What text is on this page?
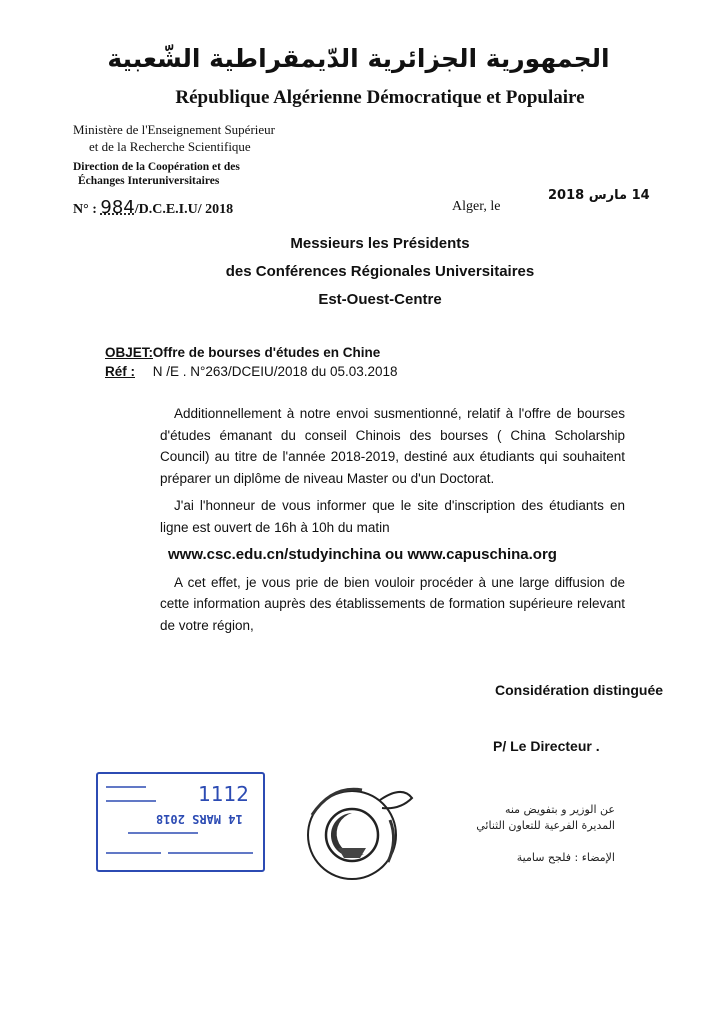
الجمهورية الجزائرية الدّيمقراطية الشّعبية
République Algérienne Démocratique et Populaire
Ministère de l'Enseignement Supérieur
et de la Recherche Scientifique
Direction de la Coopération et des
Échanges Interuniversitaires
N° : 984/D.C.E.I.U/ 2018	Alger, le
14 مارس 2018
Messieurs les Présidents
des Conférences Régionales Universitaires
Est-Ouest-Centre
OBJET: Offre de bourses d'études en Chine
Réf : N /E . N°263/DCEIU/2018 du 05.03.2018

Additionnellement à notre envoi susmentionné, relatif à l'offre de bourses d'études émanant du conseil Chinois des bourses ( China Scholarship Council) au titre de l'année 2018-2019, destiné aux étudiants qui souhaitent préparer un diplôme de niveau Master ou d'un Doctorat.

J'ai l'honneur de vous informer que le site d'inscription des étudiants en ligne est ouvert de 16h à 10h du matin

www.csc.edu.cn/studyinchina ou www.capuschina.org

A cet effet, je vous prie de bien vouloir procéder à une large diffusion de cette information auprès des établissements de formation supérieure relevant de votre région,

Considération distinguée
P/ Le Directeur .
1112
14 MARS 2018
عن الوزير و بتفويض منه
المديرة الفرعية للتعاون الثنائي
الإمضاء : فلجح سامية
